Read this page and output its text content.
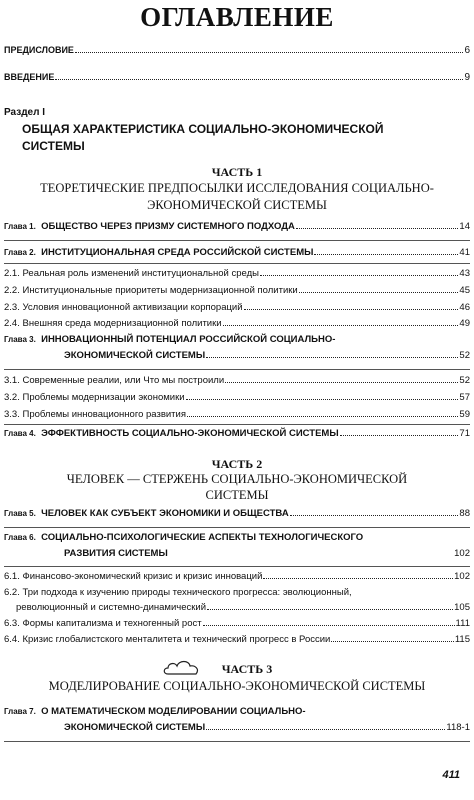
ОГЛАВЛЕНИЕ
ПРЕДИСЛОВИЕ	6
ВВЕДЕНИЕ	9
Раздел I
ОБЩАЯ ХАРАКТЕРИСТИКА СОЦИАЛЬНО-ЭКОНОМИЧЕСКОЙ
СИСТЕМЫ
ЧАСТЬ 1
ТЕОРЕТИЧЕСКИЕ ПРЕДПОСЫЛКИ ИССЛЕДОВАНИЯ СОЦИАЛЬНО-
ЭКОНОМИЧЕСКОЙ СИСТЕМЫ
Глава 1. ОБЩЕСТВО ЧЕРЕЗ ПРИЗМУ СИСТЕМНОГО ПОДХОДА	14
Глава 2. ИНСТИТУЦИОНАЛЬНАЯ СРЕДА РОССИЙСКОЙ СИСТЕМЫ	41
2.1. Реальная роль изменений институциональной среды	43
2.2. Институциональные приоритеты модернизационной политики	45
2.3. Условия инновационной активизации корпораций	46
2.4. Внешняя среда модернизационной политики	49
Глава 3. ИННОВАЦИОННЫЙ ПОТЕНЦИАЛ РОССИЙСКОЙ СОЦИАЛЬНО-
ЭКОНОМИЧЕСКОЙ СИСТЕМЫ	52
3.1. Современные реалии, или Что мы построили	52
3.2. Проблемы модернизации экономики	57
3.3. Проблемы инновационного развития	59
Глава 4. ЭФФЕКТИВНОСТЬ СОЦИАЛЬНО-ЭКОНОМИЧЕСКОЙ СИСТЕМЫ	71
ЧАСТЬ 2
ЧЕЛОВЕК — СТЕРЖЕНЬ СОЦИАЛЬНО-ЭКОНОМИЧЕСКОЙ
СИСТЕМЫ
Глава 5. ЧЕЛОВЕК КАК СУБЪЕКТ ЭКОНОМИКИ И ОБЩЕСТВА	88
Глава 6. СОЦИАЛЬНО-ПСИХОЛОГИЧЕСКИЕ АСПЕКТЫ ТЕХНОЛОГИЧЕСКОГО
РАЗВИТИЯ СИСТЕМЫ	102
6.1. Финансово-экономический кризис и кризис инноваций	102
6.2. Три подхода к изучению природы технического прогресса: эволюционный,
революционный и системно-динамический	105
6.3. Формы капитализма и техногенный рост	111
6.4. Кризис глобалистского менталитета и технический прогресс в России	115
ЧАСТЬ 3
МОДЕЛИРОВАНИЕ СОЦИАЛЬНО-ЭКОНОМИЧЕСКОЙ СИСТЕМЫ
Глава 7. О МАТЕМАТИЧЕСКОМ МОДЕЛИРОВАНИИ СОЦИАЛЬНО-
ЭКОНОМИЧЕСКОЙ СИСТЕМЫ	118-1
411
